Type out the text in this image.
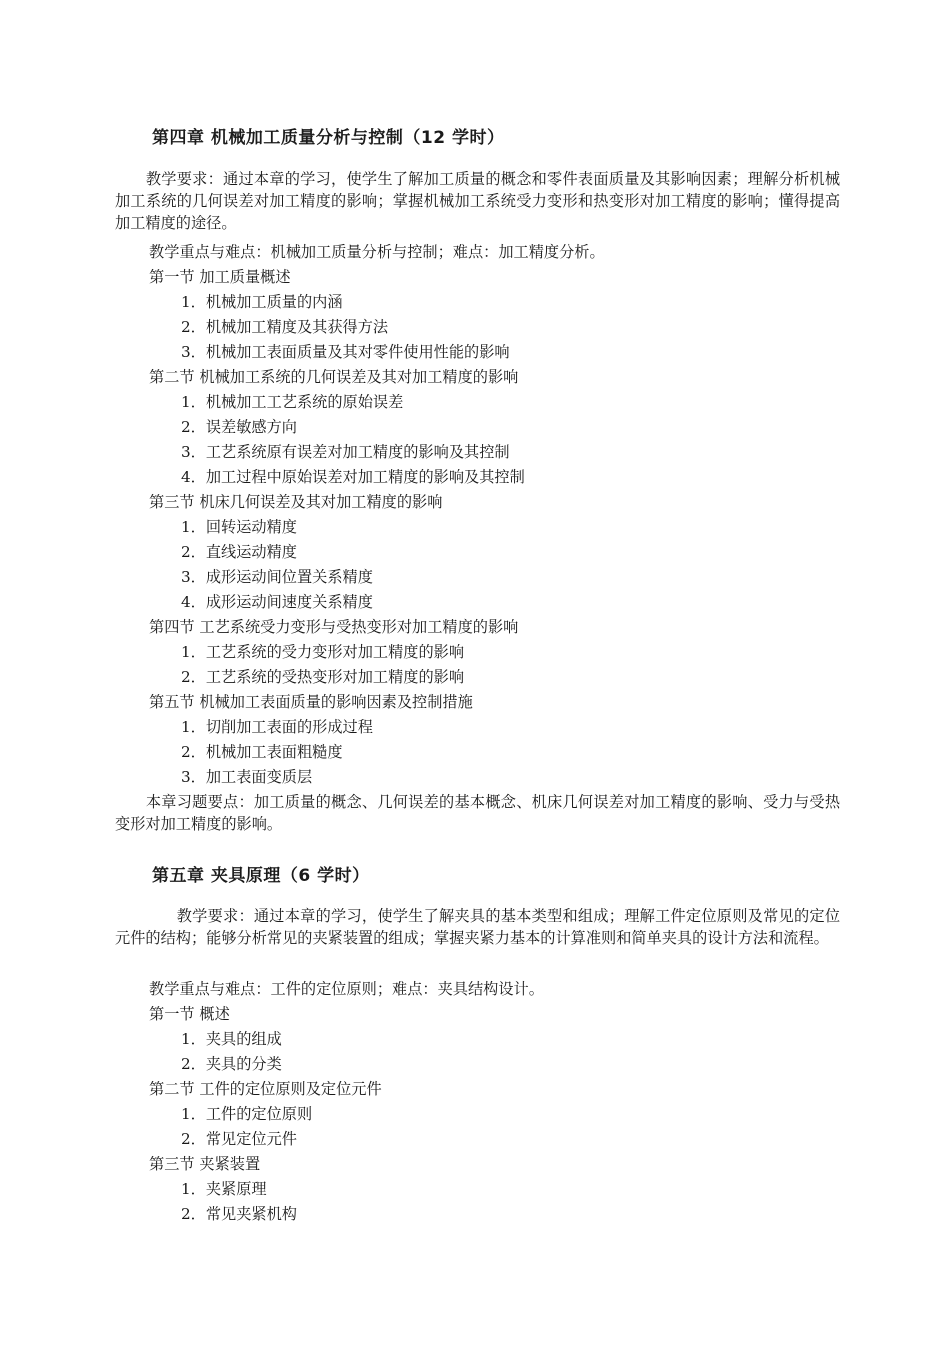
第四章 机械加工质量分析与控制（12 学时）

　　教学要求：通过本章的学习，使学生了解加工质量的概念和零件表面质量及其影响因素；理解分析机械加工系统的几何误差对加工精度的影响；掌握机械加工系统受力变形和热变形对加工精度的影响；懂得提高加工精度的途径。

教学重点与难点：机械加工质量分析与控制；难点：加工精度分析。

第一节 加工质量概述

1．机械加工质量的内涵

2．机械加工精度及其获得方法

3．机械加工表面质量及其对零件使用性能的影响

第二节 机械加工系统的几何误差及其对加工精度的影响

1．机械加工工艺系统的原始误差

2．误差敏感方向

3．工艺系统原有误差对加工精度的影响及其控制

4．加工过程中原始误差对加工精度的影响及其控制

第三节 机床几何误差及其对加工精度的影响

1．回转运动精度

2．直线运动精度

3．成形运动间位置关系精度

4．成形运动间速度关系精度

第四节 工艺系统受力变形与受热变形对加工精度的影响

1．工艺系统的受力变形对加工精度的影响

2．工艺系统的受热变形对加工精度的影响

第五节 机械加工表面质量的影响因素及控制措施

1．切削加工表面的形成过程

2．机械加工表面粗糙度

3．加工表面变质层

　　本章习题要点：加工质量的概念、几何误差的基本概念、机床几何误差对加工精度的影响、受力与受热变形对加工精度的影响。

第五章 夹具原理（6 学时）

　　　　教学要求：通过本章的学习，使学生了解夹具的基本类型和组成；理解工件定位原则及常见的定位元件的结构；能够分析常见的夹紧装置的组成；掌握夹紧力基本的计算准则和简单夹具的设计方法和流程。

教学重点与难点：工件的定位原则；难点：夹具结构设计。

第一节 概述

1．夹具的组成

2．夹具的分类

第二节 工件的定位原则及定位元件

1．工件的定位原则

2．常见定位元件

第三节 夹紧装置

1．夹紧原理

2．常见夹紧机构
